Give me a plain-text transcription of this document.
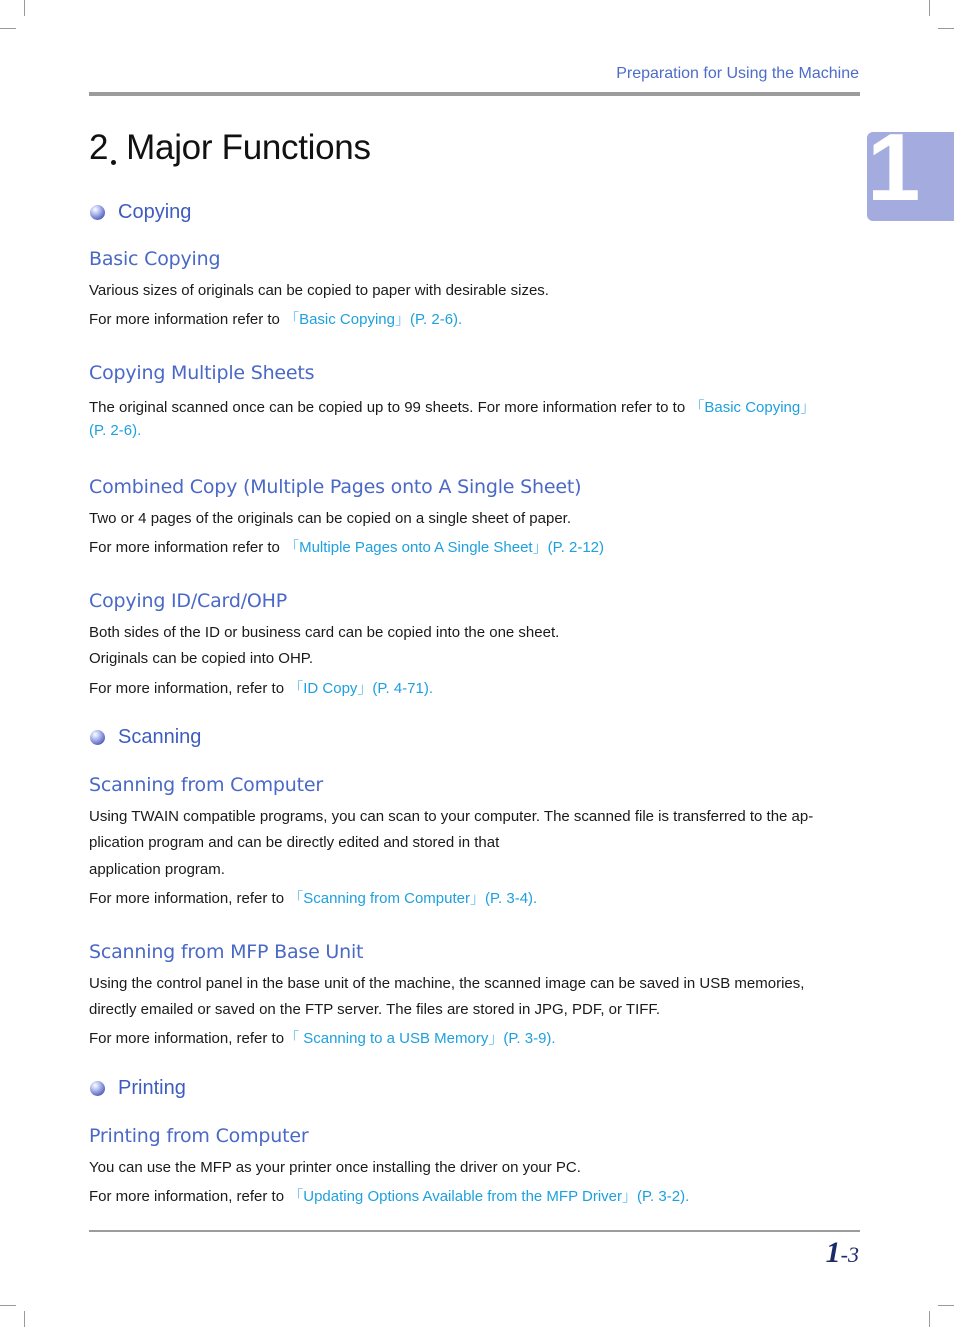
Preparation for Using the Machine
1
2 Major Functions
Copying
Basic Copying
Various sizes of originals can be copied to paper with desirable sizes.
For more information refer to 「Basic Copying」(P. 2-6).
Copying Multiple Sheets
The original scanned once can be copied up to 99 sheets. For more information refer to to 「Basic Copying」
(P. 2-6).
Combined Copy (Multiple Pages onto A Single Sheet)
Two or 4 pages of the originals can be copied on a single sheet of paper.
For more information refer to 「Multiple Pages onto A Single Sheet」(P. 2-12)
Copying ID/Card/OHP
Both sides of the ID or business card can be copied into the one sheet.
Originals can be copied into OHP.
For more information, refer to 「ID Copy」(P. 4-71).
Scanning
Scanning from Computer
Using TWAIN compatible programs, you can scan to your computer. The scanned file is transferred to the ap-
plication program and can be directly edited and stored in that
application program.
For more information, refer to 「Scanning from Computer」(P. 3-4).
Scanning from MFP Base Unit
Using the control panel in the base unit of the machine, the scanned image can be saved in USB memories,
directly emailed or saved on the FTP server. The files are stored in JPG, PDF, or TIFF.
For more information, refer to「 Scanning to a USB Memory」(P. 3-9).
Printing
Printing from Computer
You can use the MFP as your printer once installing the driver on your PC.
For more information, refer to 「Updating Options Available from the MFP Driver」(P. 3-2).
1-3
